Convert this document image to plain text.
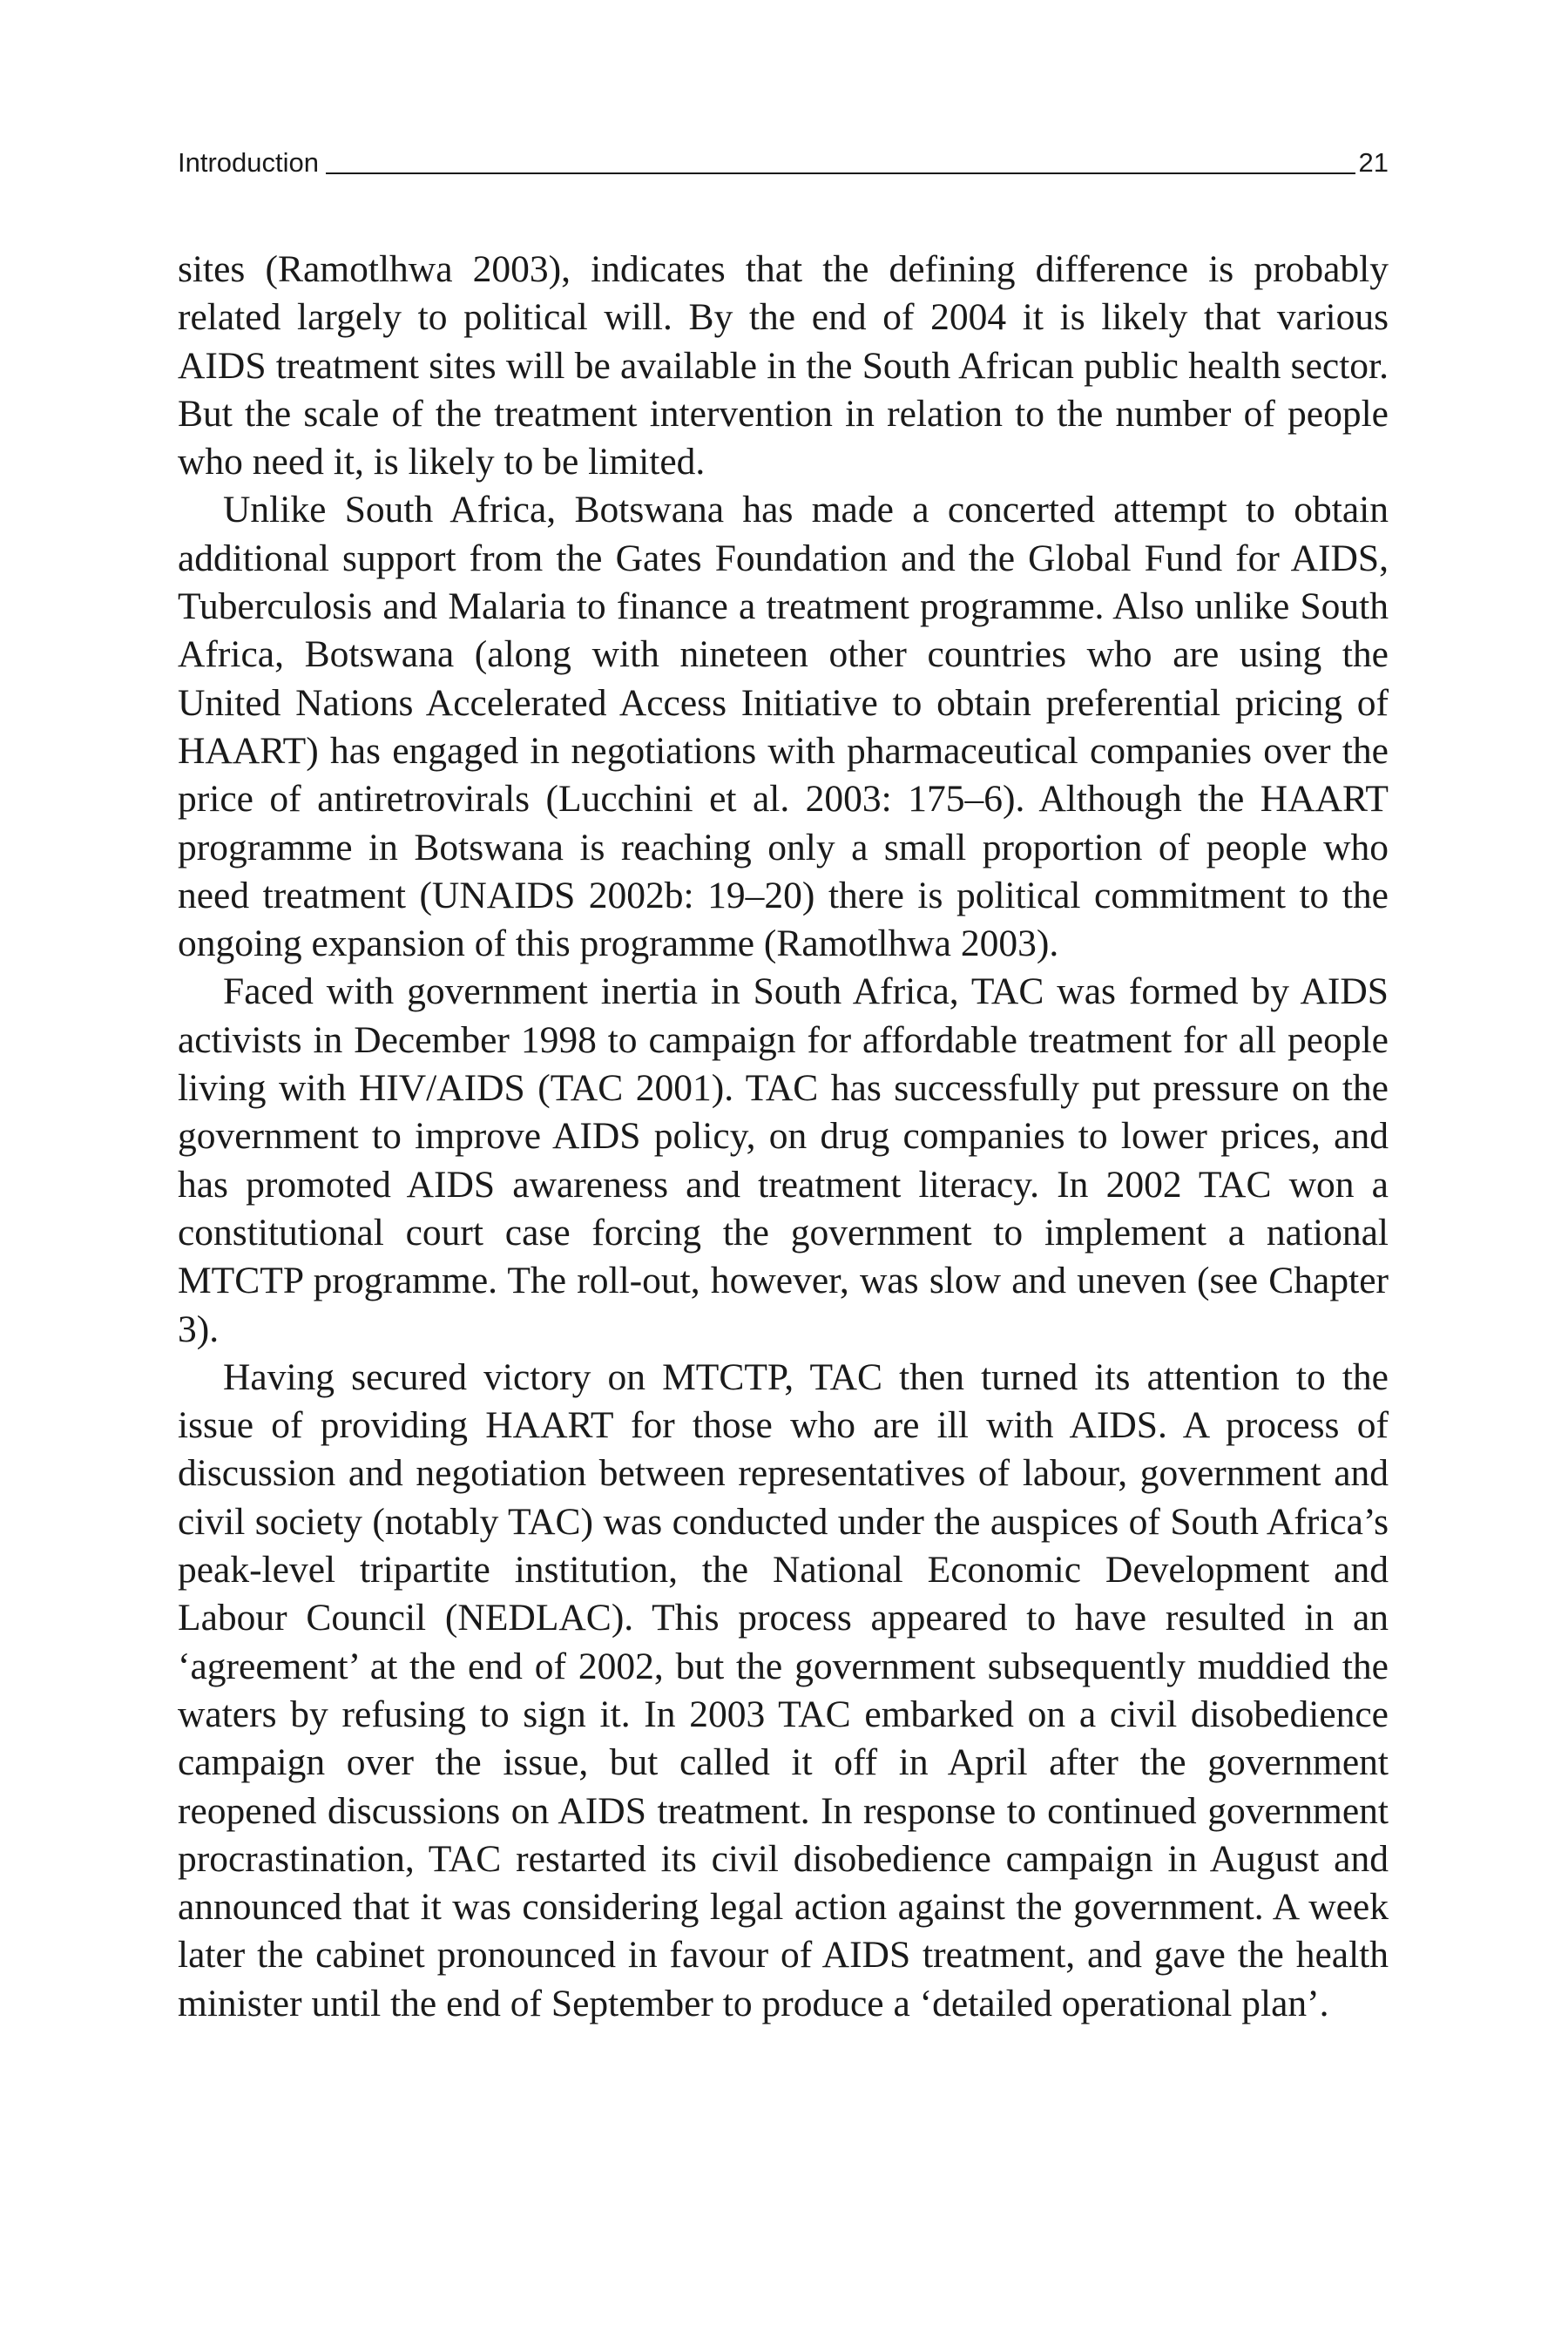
Introduction	21

sites (Ramotlhwa 2003), indicates that the defining difference is probably related largely to political will. By the end of 2004 it is likely that various AIDS treatment sites will be available in the South African public health sector. But the scale of the treatment intervention in relation to the number of people who need it, is likely to be limited.

Unlike South Africa, Botswana has made a concerted attempt to obtain additional support from the Gates Foundation and the Global Fund for AIDS, Tuberculosis and Malaria to finance a treatment programme. Also unlike South Africa, Botswana (along with nineteen other countries who are using the United Nations Accelerated Access Initiative to obtain preferential pricing of HAART) has engaged in negotiations with pharmaceutical companies over the price of antiretrovirals (Lucchini et al. 2003: 175–6). Although the HAART programme in Botswana is reaching only a small proportion of people who need treatment (UNAIDS 2002b: 19–20) there is political commitment to the ongoing expansion of this programme (Ramotlhwa 2003).

Faced with government inertia in South Africa, TAC was formed by AIDS activists in December 1998 to campaign for affordable treatment for all people living with HIV/AIDS (TAC 2001). TAC has successfully put pressure on the government to improve AIDS policy, on drug companies to lower prices, and has promoted AIDS awareness and treatment literacy. In 2002 TAC won a constitutional court case forcing the government to implement a national MTCTP programme. The roll-out, however, was slow and uneven (see Chapter 3).

Having secured victory on MTCTP, TAC then turned its attention to the issue of providing HAART for those who are ill with AIDS. A process of discussion and negotiation between representatives of labour, government and civil society (notably TAC) was conducted under the auspices of South Africa’s peak-level tripartite institution, the National Economic Development and Labour Council (NEDLAC). This process appeared to have resulted in an ‘agreement’ at the end of 2002, but the government subsequently muddied the waters by refusing to sign it. In 2003 TAC embarked on a civil disobedience campaign over the issue, but called it off in April after the government reopened discussions on AIDS treatment. In response to continued government procrastination, TAC restarted its civil disobedience campaign in August and announced that it was considering legal action against the government. A week later the cabinet pronounced in favour of AIDS treatment, and gave the health minister until the end of September to produce a ‘detailed operational plan’.
